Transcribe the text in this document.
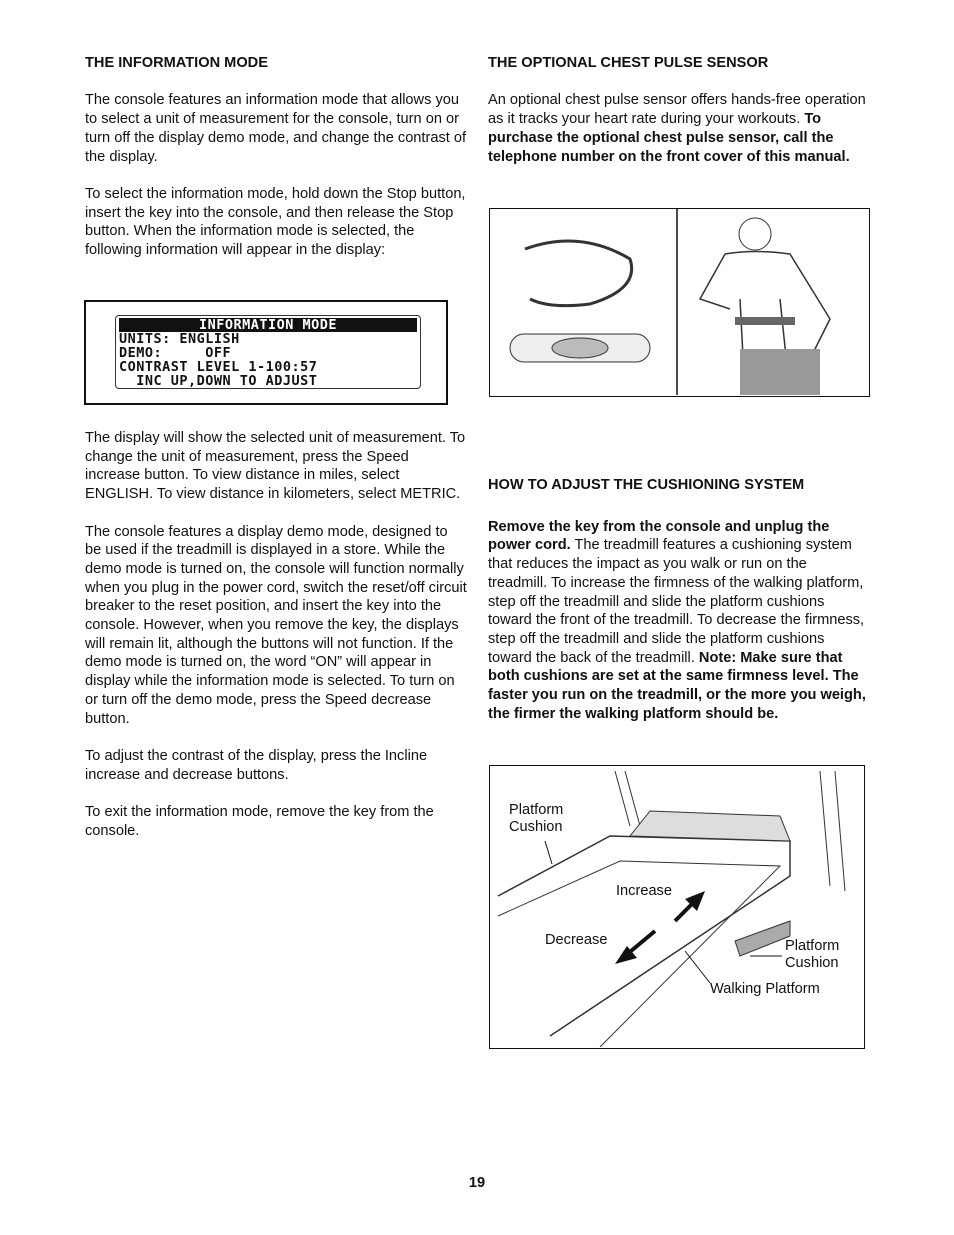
THE INFORMATION MODE

The console features an information mode that allows you to select a unit of measurement for the console, turn on or turn off the display demo mode, and change the contrast of the display.

To select the information mode, hold down the Stop button, insert the key into the console, and then release the Stop button. When the information mode is selected, the following information will appear in the display:

INFORMATION MODE
UNITS: ENGLISH
DEMO:     OFF
CONTRAST LEVEL 1-100:57
INC UP,DOWN TO ADJUST

The display will show the selected unit of measurement. To change the unit of measurement, press the Speed increase button. To view distance in miles, select ENGLISH. To view distance in kilometers, select METRIC.

The console features a display demo mode, designed to be used if the treadmill is displayed in a store. While the demo mode is turned on, the console will function normally when you plug in the power cord, switch the reset/off circuit breaker to the reset position, and insert the key into the console. However, when you remove the key, the displays will remain lit, although the buttons will not function. If the demo mode is turned on, the word “ON” will appear in display while the information mode is selected. To turn on or turn off the demo mode, press the Speed decrease button.

To adjust the contrast of the display, press the Incline increase and decrease buttons.

To exit the information mode, remove the key from the console.

THE OPTIONAL CHEST PULSE SENSOR

An optional chest pulse sensor offers hands-free operation as it tracks your heart rate during your workouts. To purchase the optional chest pulse sensor, call the telephone number on the front cover of this manual.

HOW TO ADJUST THE CUSHIONING SYSTEM

Remove the key from the console and unplug the power cord. The treadmill features a cushioning system that reduces the impact as you walk or run on the treadmill. To increase the firmness of the walking platform, step off the treadmill and slide the platform cushions toward the front of the treadmill. To decrease the firmness, step off the treadmill and slide the platform cushions toward the back of the treadmill. Note: Make sure that both cushions are set at the same firmness level. The faster you run on the treadmill, or the more you weigh, the firmer the walking platform should be.

Platform
Cushion
Increase
Decrease	Platform
Cushion
Walking Platform
19
